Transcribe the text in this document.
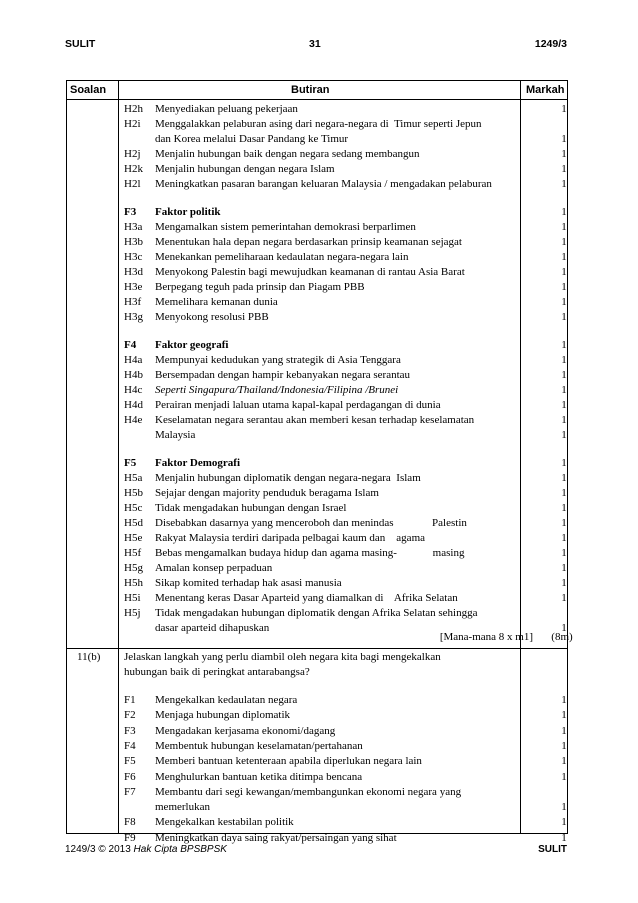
SULIT	31	1249/3
Soalan	Butiran	Markah
H2h Menyediakan peluang pekerjaan	1
H2i Menggalakkan pelaburan asing dari negara-negara di  Timur seperti Jepun
dan Korea melalui Dasar Pandang ke Timur	1
H2j Menjalin hubungan baik dengan negara sedang membangun	1
H2k Menjalin hubungan dengan negara Islam	1
H2l Meningkatkan pasaran barangan keluaran Malaysia / mengadakan pelaburan	1
F3 Faktor politik	1
H3a Mengamalkan sistem pemerintahan demokrasi berparlimen	1
H3b Menentukan hala depan negara berdasarkan prinsip keamanan sejagat	1
H3c Menekankan pemeliharaan kedaulatan negara-negara lain	1
H3d Menyokong Palestin bagi mewujudkan keamanan di rantau Asia Barat	1
H3e Berpegang teguh pada prinsip dan Piagam PBB	1
H3f Memelihara kemanan dunia	1
H3g Menyokong resolusi PBB	1
F4 Faktor geografi	1
H4a Mempunyai kedudukan yang strategik di Asia Tenggara	1
H4b Bersempadan dengan hampir kebanyakan negara serantau	1
H4c Seperti Singapura/Thailand/Indonesia/Filipina /Brunei	1
H4d Perairan menjadi laluan utama kapal-kapal perdagangan di dunia	1
H4e Keselamatan negara serantau akan memberi kesan terhadap keselamatan	1
Malaysia	1
F5 Faktor Demografi	1
H5a Menjalin hubungan diplomatik dengan negara-negara  Islam	1
H5b Sejajar dengan majority penduduk beragama Islam	1
H5c Tidak mengadakan hubungan dengan Israel	1
H5d Disebabkan dasarnya yang menceroboh dan menindas              Palestin	1
H5e Rakyat Malaysia terdiri daripada pelbagai kaum dan    agama	1
H5f Bebas mengamalkan budaya hidup dan agama masing-             masing	1
H5g Amalan konsep perpaduan	1
H5h Sikap komited terhadap hak asasi manusia	1
H5i Menentang keras Dasar Aparteid yang diamalkan di    Afrika Selatan	1
H5j Tidak mengadakan hubungan diplomatik dengan Afrika Selatan sehingga
dasar aparteid dihapuskan	1
[Mana-mana 8 x m1]	(8m)
11(b) Jelaskan langkah yang perlu diambil oleh negara kita bagi mengekalkan
hubungan baik di peringkat antarabangsa?
F1 Mengekalkan kedaulatan negara	1
F2 Menjaga hubungan diplomatik	1
F3 Mengadakan kerjasama ekonomi/dagang	1
F4 Membentuk hubungan keselamatan/pertahanan	1
F5 Memberi bantuan ketenteraan apabila diperlukan negara lain	1
F6 Menghulurkan bantuan ketika ditimpa bencana	1
F7 Membantu dari segi kewangan/membangunkan ekonomi negara yang
memerlukan	1
F8 Mengekalkan kestabilan politik	1
F9 Meningkatkan daya saing rakyat/persaingan yang sihat	1
1249/3 © 2013 Hak Cipta BPSBPSK	SULIT
